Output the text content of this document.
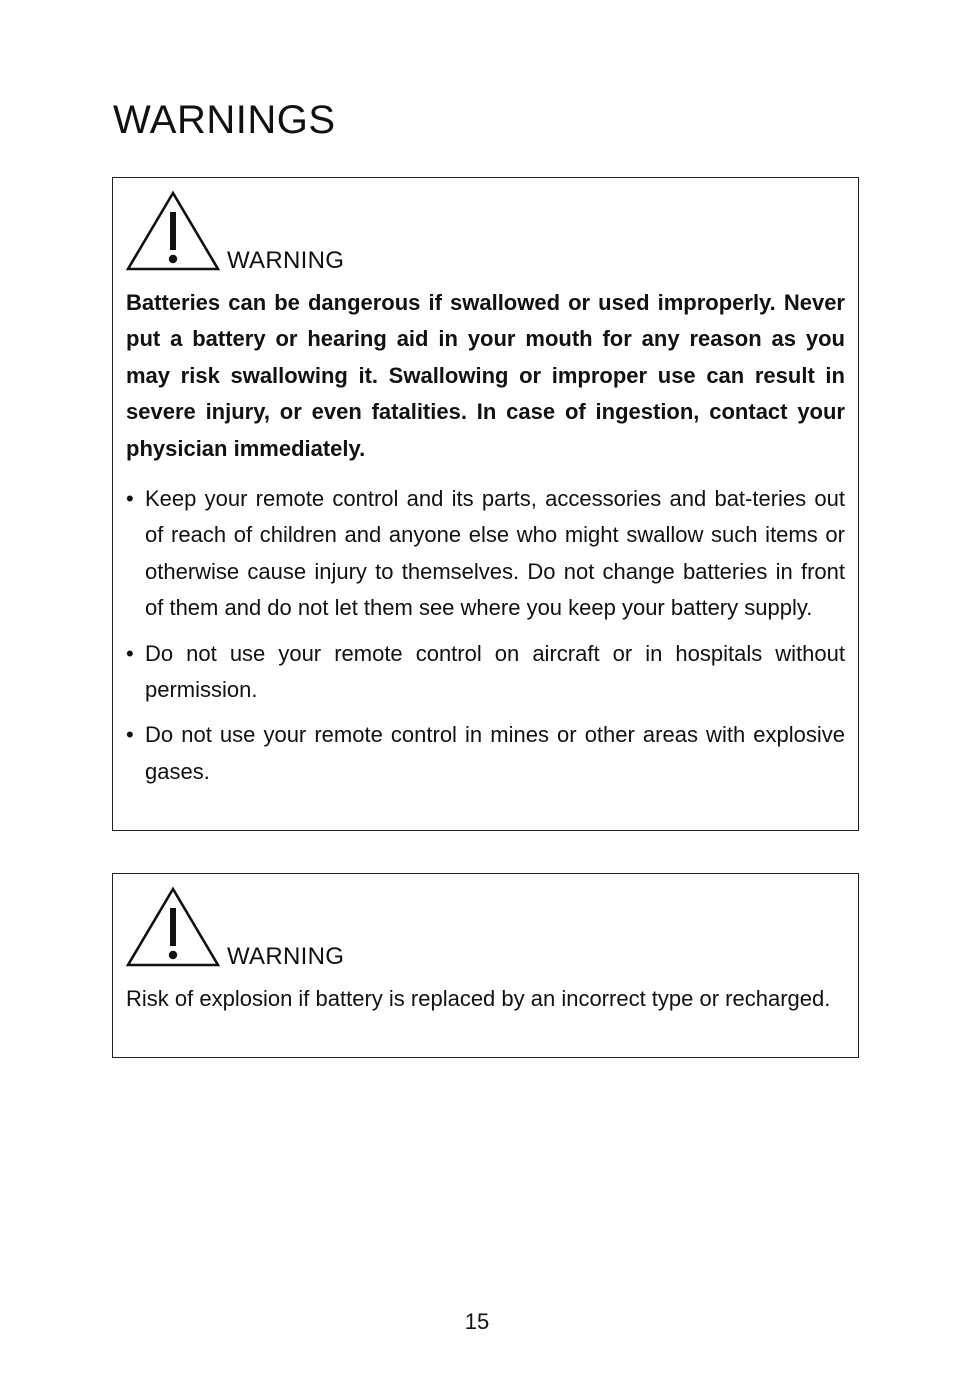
WARNINGS
WARNING

Batteries can be dangerous if swallowed or used improperly. Never put a battery or hearing aid in your mouth for any reason as you may risk swallowing it. Swallowing or improper use can result in severe injury, or even fatalities. In case of ingestion, contact your physician immediately.

• Keep your remote control and its parts, accessories and bat-teries out of reach of children and anyone else who might swallow such items or otherwise cause injury to themselves. Do not change batteries in front of them and do not let them see where you keep your battery supply.
• Do not use your remote control on aircraft or in hospitals without permission.
• Do not use your remote control in mines or other areas with explosive gases.
WARNING

Risk of explosion if battery is replaced by an incorrect type or recharged.

15
